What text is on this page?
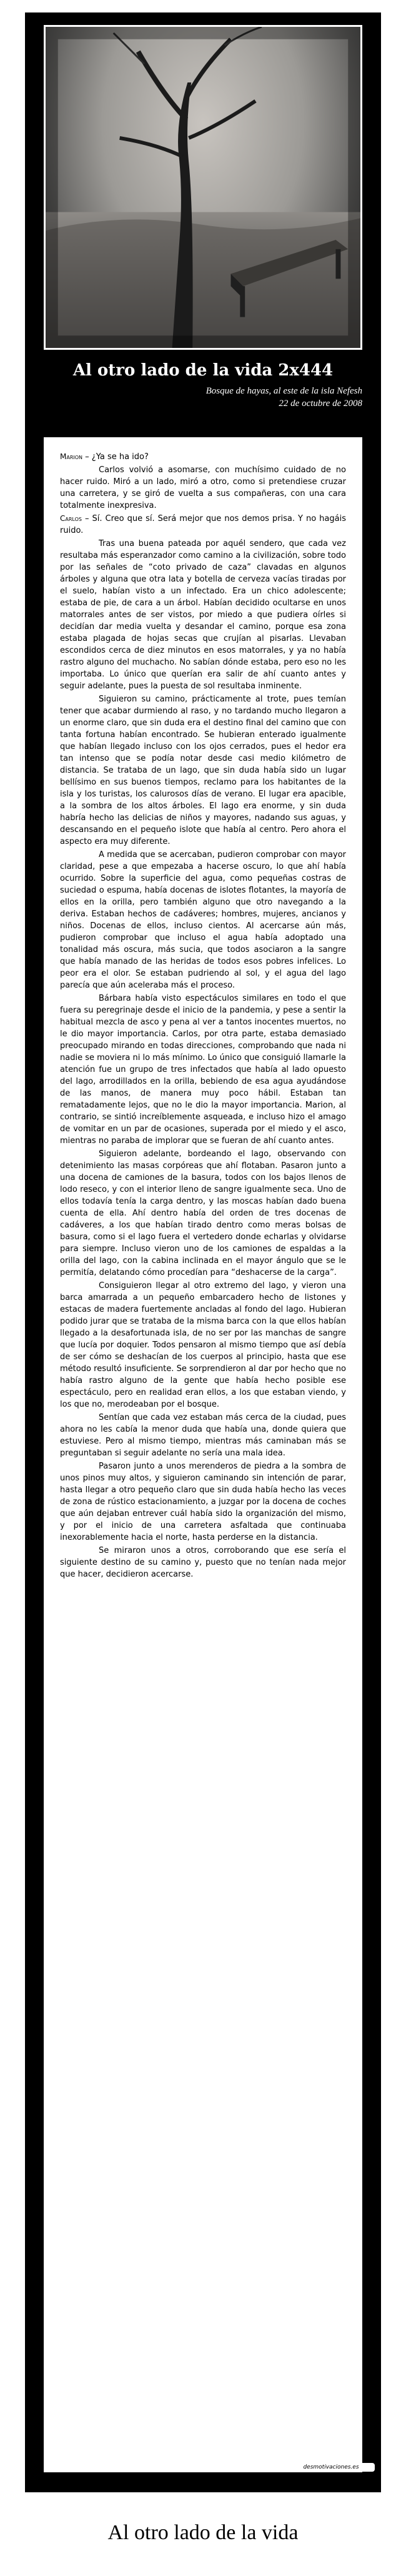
Al otro lado de la vida 2x444

Bosque de hayas, al este de la isla Nefesh
22 de octubre de 2008

Marion – ¿Ya se ha ido?

Carlos volvió a asomarse, con muchísimo cuidado de no hacer ruido. Miró a un lado, miró a otro, como si pretendiese cruzar una carretera, y se giró de vuelta a sus compañeras, con una cara totalmente inexpresiva.

Carlos – Sí. Creo que sí. Será mejor que nos demos prisa. Y no hagáis ruido.

Tras una buena pateada por aquél sendero, que cada vez resultaba más esperanzador como camino a la civilización, sobre todo por las señales de “coto privado de caza” clavadas en algunos árboles y alguna que otra lata y botella de cerveza vacías tiradas por el suelo, habían visto a un infectado. Era un chico adolescente; estaba de pie, de cara a un árbol. Habían decidido ocultarse en unos matorrales antes de ser vistos, por miedo a que pudiera oírles si decidían dar media vuelta y desandar el camino, porque esa zona estaba plagada de hojas secas que crujían al pisarlas. Llevaban escondidos cerca de diez minutos en esos matorrales, y ya no había rastro alguno del muchacho. No sabían dónde estaba, pero eso no les importaba. Lo único que querían era salir de ahí cuanto antes y seguir adelante, pues la puesta de sol resultaba inminente.

Siguieron su camino, prácticamente al trote, pues temían tener que acabar durmiendo al raso, y no tardando mucho llegaron a un enorme claro, que sin duda era el destino final del camino que con tanta fortuna habían encontrado. Se hubieran enterado igualmente que habían llegado incluso con los ojos cerrados, pues el hedor era tan intenso que se podía notar desde casi medio kilómetro de distancia. Se trataba de un lago, que sin duda había sido un lugar bellísimo en sus buenos tiempos, reclamo para los habitantes de la isla y los turistas, los calurosos días de verano. El lugar era apacible, a la sombra de los altos árboles. El lago era enorme, y sin duda habría hecho las delicias de niños y mayores, nadando sus aguas, y descansando en el pequeño islote que había al centro. Pero ahora el aspecto era muy diferente.

A medida que se acercaban, pudieron comprobar con mayor claridad, pese a que empezaba a hacerse oscuro, lo que ahí había ocurrido. Sobre la superficie del agua, como pequeñas costras de suciedad o espuma, había docenas de islotes flotantes, la mayoría de ellos en la orilla, pero también alguno que otro navegando a la deriva. Estaban hechos de cadáveres; hombres, mujeres, ancianos y niños. Docenas de ellos, incluso cientos. Al acercarse aún más, pudieron comprobar que incluso el agua había adoptado una tonalidad más oscura, más sucia, que todos asociaron a la sangre que había manado de las heridas de todos esos pobres infelices. Lo peor era el olor. Se estaban pudriendo al sol, y el agua del lago parecía que aún aceleraba más el proceso.

Bárbara había visto espectáculos similares en todo el que fuera su peregrinaje desde el inicio de la pandemia, y pese a sentir la habitual mezcla de asco y pena al ver a tantos inocentes muertos, no le dio mayor importancia. Carlos, por otra parte, estaba demasiado preocupado mirando en todas direcciones, comprobando que nada ni nadie se moviera ni lo más mínimo. Lo único que consiguió llamarle la atención fue un grupo de tres infectados que había al lado opuesto del lago, arrodillados en la orilla, bebiendo de esa agua ayudándose de las manos, de manera muy poco hábil. Estaban tan rematadamente lejos, que no le dio la mayor importancia. Marion, al contrario, se sintió increíblemente asqueada, e incluso hizo el amago de vomitar en un par de ocasiones, superada por el miedo y el asco, mientras no paraba de implorar que se fueran de ahí cuanto antes.

Siguieron adelante, bordeando el lago, observando con detenimiento las masas corpóreas que ahí flotaban. Pasaron junto a una docena de camiones de la basura, todos con los bajos llenos de lodo reseco, y con el interior lleno de sangre igualmente seca. Uno de ellos todavía tenía la carga dentro, y las moscas habían dado buena cuenta de ella. Ahí dentro había del orden de tres docenas de cadáveres, a los que habían tirado dentro como meras bolsas de basura, como si el lago fuera el vertedero donde echarlas y olvidarse para siempre. Incluso vieron uno de los camiones de espaldas a la orilla del lago, con la cabina inclinada en el mayor ángulo que se le permitía, delatando cómo procedían para “deshacerse de la carga”.

Consiguieron llegar al otro extremo del lago, y vieron una barca amarrada a un pequeño embarcadero hecho de listones y estacas de madera fuertemente ancladas al fondo del lago. Hubieran podido jurar que se trataba de la misma barca con la que ellos habían llegado a la desafortunada isla, de no ser por las manchas de sangre que lucía por doquier. Todos pensaron al mismo tiempo que así debía de ser cómo se deshacían de los cuerpos al principio, hasta que ese método resultó insuficiente. Se sorprendieron al dar por hecho que no había rastro alguno de la gente que había hecho posible ese espectáculo, pero en realidad eran ellos, a los que estaban viendo, y los que no, merodeaban por el bosque.

Sentían que cada vez estaban más cerca de la ciudad, pues ahora no les cabía la menor duda que había una, donde quiera que estuviese. Pero al mismo tiempo, mientras más caminaban más se preguntaban si seguir adelante no sería una mala idea.

Pasaron junto a unos merenderos de piedra a la sombra de unos pinos muy altos, y siguieron caminando sin intención de parar, hasta llegar a otro pequeño claro que sin duda había hecho las veces de zona de rústico estacionamiento, a juzgar por la docena de coches que aún dejaban entrever cuál había sido la organización del mismo, y por el inicio de una carretera asfaltada que continuaba inexorablemente hacia el norte, hasta perderse en la distancia.

Se miraron unos a otros, corroborando que ese sería el siguiente destino de su camino y, puesto que no tenían nada mejor que hacer, decidieron acercarse.

desmotivaciones.es
Al otro lado de la vida
